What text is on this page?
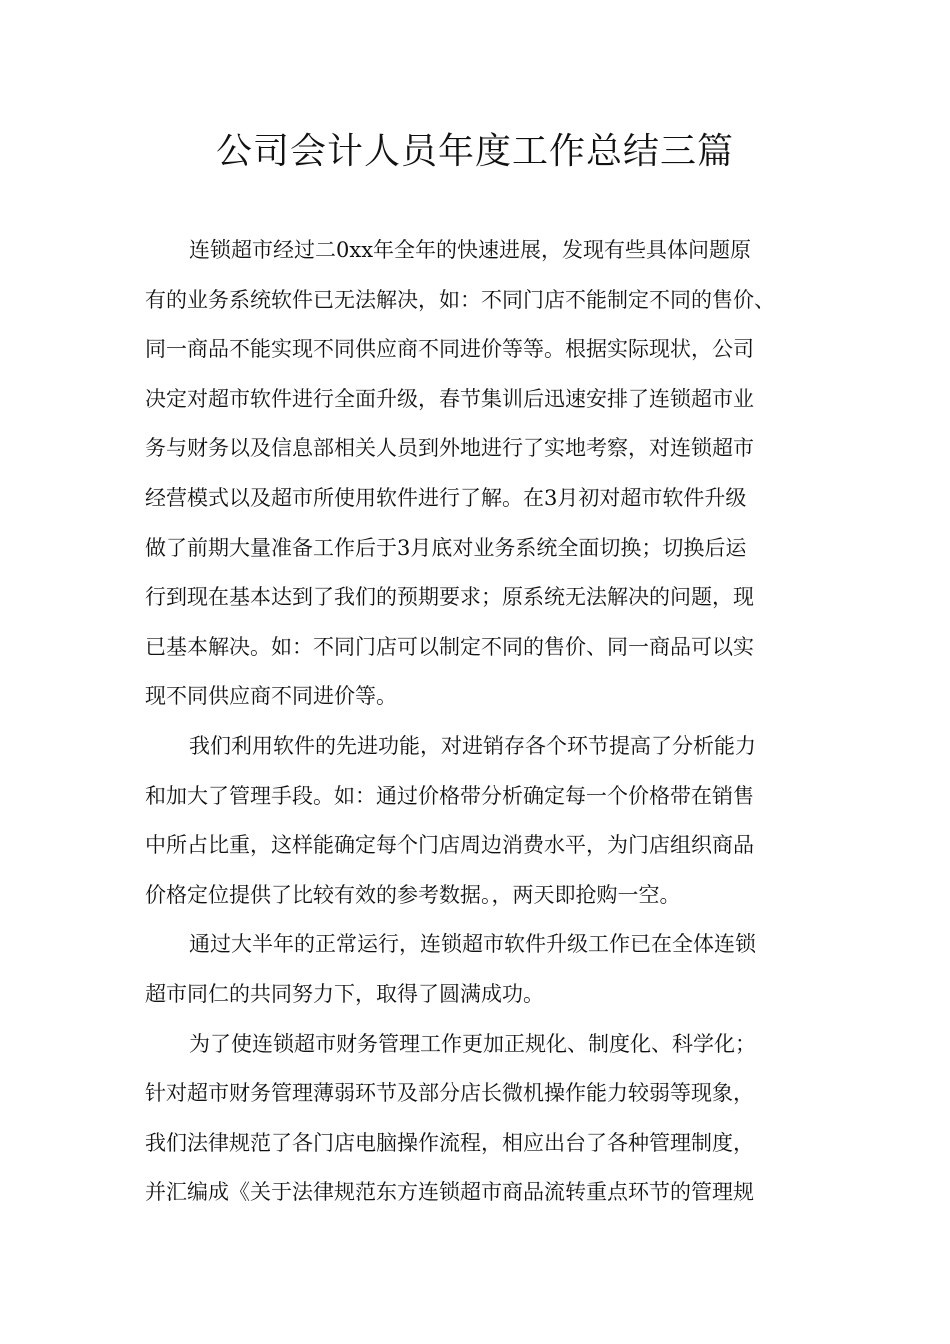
公司会计人员年度工作总结三篇
连锁超市经过二0xx年全年的快速进展，发现有些具体问题原
有的业务系统软件已无法解决，如：不同门店不能制定不同的售价、
同一商品不能实现不同供应商不同进价等等。根据实际现状，公司
决定对超市软件进行全面升级，春节集训后迅速安排了连锁超市业
务与财务以及信息部相关人员到外地进行了实地考察，对连锁超市
经营模式以及超市所使用软件进行了解。在3月初对超市软件升级
做了前期大量准备工作后于3月底对业务系统全面切换；切换后运
行到现在基本达到了我们的预期要求；原系统无法解决的问题，现
已基本解决。如：不同门店可以制定不同的售价、同一商品可以实
现不同供应商不同进价等。
我们利用软件的先进功能，对进销存各个环节提高了分析能力
和加大了管理手段。如：通过价格带分析确定每一个价格带在销售
中所占比重，这样能确定每个门店周边消费水平，为门店组织商品
价格定位提供了比较有效的参考数据。，两天即抢购一空。
通过大半年的正常运行，连锁超市软件升级工作已在全体连锁
超市同仁的共同努力下，取得了圆满成功。
为了使连锁超市财务管理工作更加正规化、制度化、科学化；
针对超市财务管理薄弱环节及部分店长微机操作能力较弱等现象，
我们法律规范了各门店电脑操作流程，相应出台了各种管理制度，
并汇编成《关于法律规范东方连锁超市商品流转重点环节的管理规
